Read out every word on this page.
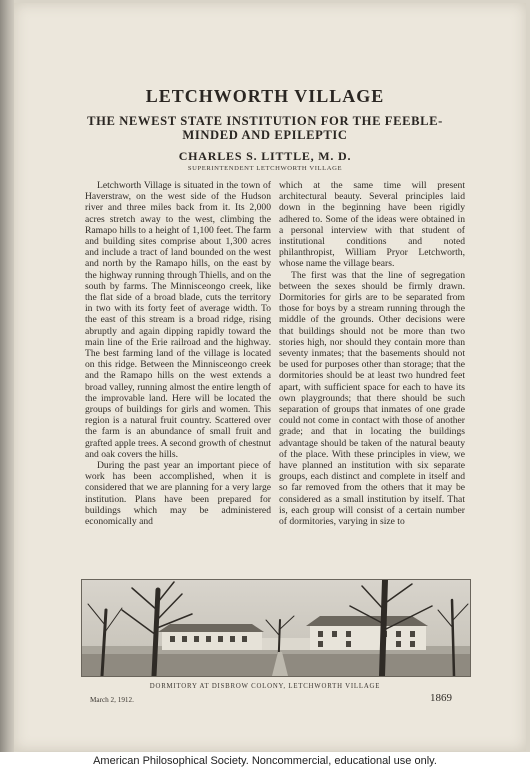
LETCHWORTH VILLAGE
THE NEWEST STATE INSTITUTION FOR THE FEEBLE-MINDED AND EPILEPTIC
CHARLES S. LITTLE, M. D.
SUPERINTENDENT LETCHWORTH VILLAGE

Letchworth Village is situated in the town of Haverstraw, on the west side of the Hudson river and three miles back from it. Its 2,000 acres stretch away to the west, climbing the Ramapo hills to a height of 1,100 feet. The farm and building sites comprise about 1,300 acres and include a tract of land bounded on the west and north by the Ramapo hills, on the east by the highway running through Thiells, and on the south by farms. The Minnisceongo creek, like the flat side of a broad blade, cuts the territory in two with its forty feet of average width. To the east of this stream is a broad ridge, rising abruptly and again dipping rapidly toward the main line of the Erie railroad and the highway. The best farming land of the village is located on this ridge. Between the Minnisceongo creek and the Ramapo hills on the west extends a broad valley, running almost the entire length of the improvable land. Here will be located the groups of buildings for girls and women. This region is a natural fruit country. Scattered over the farm is an abundance of small fruit and grafted apple trees. A second growth of chestnut and oak covers the hills.

During the past year an important piece of work has been accomplished, when it is considered that we are planning for a very large institution. Plans have been prepared for buildings which may be administered economically and

which at the same time will present architectural beauty. Several principles laid down in the beginning have been rigidly adhered to. Some of the ideas were obtained in a personal interview with that student of institutional conditions and noted philanthropist, William Pryor Letchworth, whose name the village bears.

The first was that the line of segregation between the sexes should be firmly drawn. Dormitories for girls are to be separated from those for boys by a stream running through the middle of the grounds. Other decisions were that buildings should not be more than two stories high, nor should they contain more than seventy inmates; that the basements should not be used for purposes other than storage; that the dormitories should be at least two hundred feet apart, with sufficient space for each to have its own playgrounds; that there should be such separation of groups that inmates of one grade could not come in contact with those of another grade; and that in locating the buildings advantage should be taken of the natural beauty of the place. With these principles in view, we have planned an institution with six separate groups, each distinct and complete in itself and so far removed from the others that it may be considered as a small institution by itself. That is, each group will consist of a certain number of dormitories, varying in size to

DORMITORY AT DISBROW COLONY, LETCHWORTH VILLAGE
March 2, 1912.	1869
American Philosophical Society. Noncommercial, educational use only.
